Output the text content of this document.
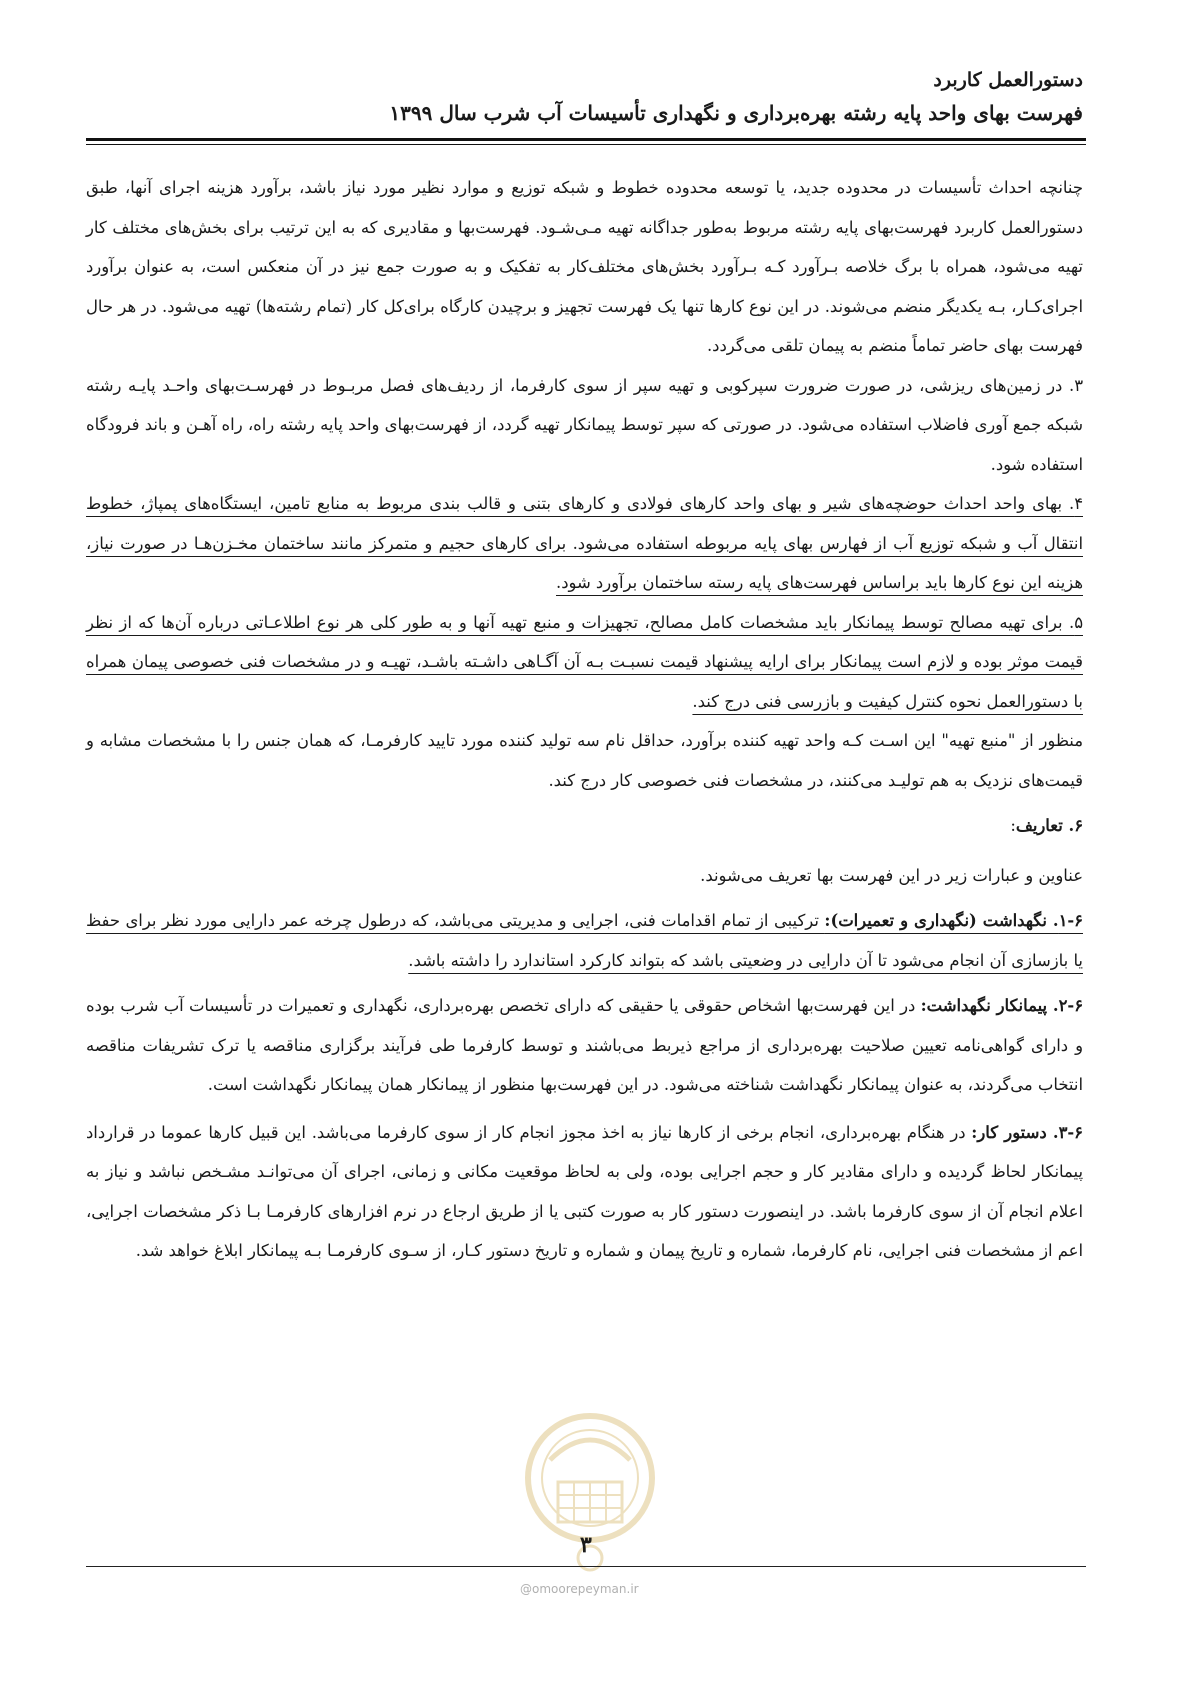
دستورالعمل کاربرد
فهرست بهای واحد پایه رشته بهره‌برداری و نگهداری تأسیسات آب شرب سال ۱۳۹۹

چنانچه احداث تأسیسات در محدوده جدید، یا توسعه محدوده خطوط و شبکه توزیع و موارد نظیر مورد نیاز باشد، برآورد هزینه اجرای آنها، طبق دستورالعمل کاربرد فهرست‌بهای پایه رشته مربوط به‌طور جداگانه تهیه مـی‌شـود. فهرست‌بها و مقادیری که به این ترتیب برای بخش‌های مختلف کار تهیه می‌شود، همراه با برگ خلاصه بـرآورد کـه بـرآورد بخش‌های مختلف‌کار به تفکیک و به صورت جمع نیز در آن منعکس است، به عنوان برآورد اجرای‌کـار، بـه یکدیگر منضم می‌شوند. در این نوع کارها تنها یک فهرست تجهیز و برچیدن کارگاه برای‌کل کار (تمام رشته‌ها) تهیه می‌شود. در هر حال فهرست بهای حاضر تماماً منضم به پیمان تلقی می‌گردد.

۳. در زمین‌های ریزشی، در صورت ضرورت سپرکوبی و تهیه سپر از سوی کارفرما، از ردیف‌های فصل مربـوط در فهرسـت‌بهای واحـد پایـه رشته شبکه جمع آوری فاضلاب استفاده می‌شود. در صورتی که سپر توسط پیمانکار تهیه گردد، از فهرست‌بهای واحد پایه رشته راه، راه آهـن و باند فرودگاه استفاده شود.

۴. بهای واحد احداث حوضچه‌های شیر و بهای واحد کارهای فولادی و کارهای بتنی و قالب بندی مربوط به منابع تامین، ایستگاه‌های پمپاژ، خطوط انتقال آب و شبکه توزیع آب از فهارس بهای پایه مربوطه استفاده می‌شود. برای کارهای حجیم و متمرکز مانند ساختمان مخـزن‌هـا در صورت نیاز، هزینه این نوع کارها باید براساس فهرست‌های پایه رسته ساختمان برآورد شود.

۵. برای تهیه مصالح توسط پیمانکار باید مشخصات کامل مصالح، تجهیزات و منبع تهیه آنها و به طور کلی هر نوع اطلاعـاتی درباره آن‌ها که از نظر قیمت موثر بوده و لازم است پیمانکار برای ارایه پیشنهاد قیمت نسبـت بـه آن آگـاهی داشـته باشـد، تهیـه و در مشخصات فنی خصوصی پیمان همراه با دستورالعمل نحوه کنترل کیفیت و بازرسی فنی درج کند.

منظور از "منبع تهیه" این اسـت کـه واحد تهیه کننده برآورد، حداقل نام سه تولید کننده مورد تایید کارفرمـا، که همان جنس را با مشخصات مشابه و قیمت‌های نزدیک به هم تولیـد می‌کنند، در مشخصات فنی خصوصی کار درج کند.

۶. تعاریف:

عناوین و عبارات زیر در این فهرست بها تعریف می‌شوند.

۱-۶. نگهداشت (نگهداری و تعمیرات): ترکیبی از تمام اقدامات فنی، اجرایی و مدیریتی می‌باشد، که درطول چرخه عمر دارایی مورد نظر برای حفظ یا بازسازی آن انجام می‌شود تا آن دارایی در وضعیتی باشد که بتواند کارکرد استاندارد را داشته باشد.

۲-۶. پیمانکار نگهداشت: در این فهرست‌بها اشخاص حقوقی یا حقیقی که دارای تخصص بهره‌برداری، نگهداری و تعمیرات در تأسیسات آب شرب بوده و دارای گواهی‌نامه تعیین صلاحیت بهره‌برداری از مراجع ذیربط می‌باشند و توسط کارفرما طی فرآیند برگزاری مناقصه یا ترک تشریفات مناقصه انتخاب می‌گردند، به عنوان پیمانکار نگهداشت شناخته می‌شود. در این فهرست‌بها منظور از پیمانکار همان پیمانکار نگهداشت است.

۳-۶. دستور کار: در هنگام بهره‌برداری، انجام برخی از کارها نیاز به اخذ مجوز انجام کار از سوی کارفرما می‌باشد. این قبیل کارها عموما در قرارداد پیمانکار لحاظ گردیده و دارای مقادیر کار و حجم اجرایی بوده، ولی به لحاظ موقعیت مکانی و زمانی، اجرای آن می‌توانـد مشـخص نباشد و نیاز به اعلام انجام آن از سوی کارفرما باشد. در اینصورت دستور کار به صورت کتبی یا از طریق ارجاع در نرم افزارهای کارفرمـا بـا ذکر مشخصات اجرایی، اعم از مشخصات فنی اجرایی، نام کارفرما، شماره و تاریخ پیمان و شماره و تاریخ دستور کـار، از سـوی کارفرمـا بـه پیمانکار ابلاغ خواهد شد.

۳
@omoorepeyman.ir
